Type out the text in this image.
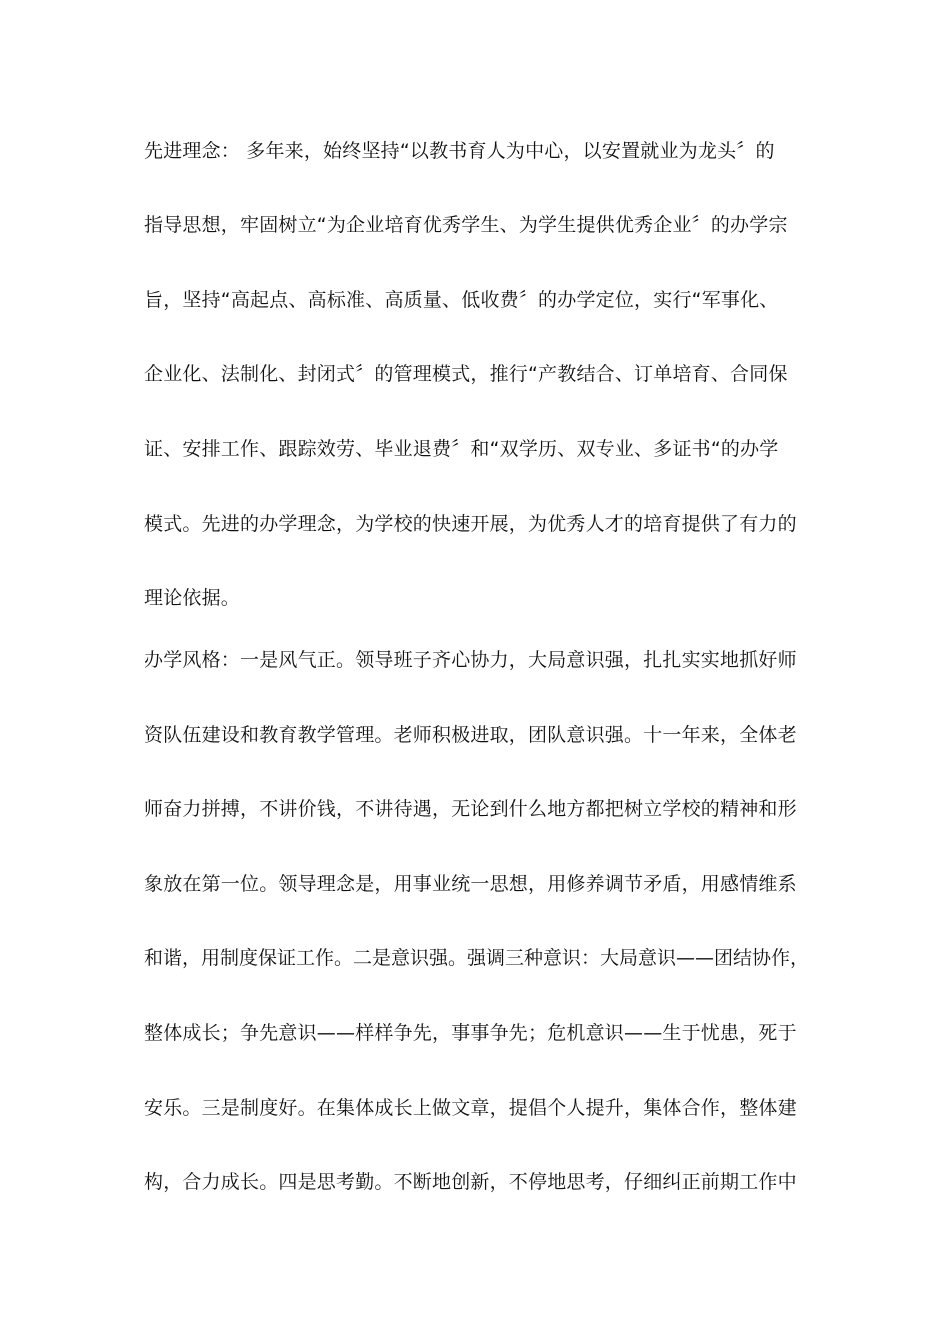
先进理念： 多年来，始终坚持“以教书育人为中心，以安置就业为龙头〞的
指导思想，牢固树立“为企业培育优秀学生、为学生提供优秀企业〞的办学宗
旨，坚持“高起点、高标准、高质量、低收费〞的办学定位，实行“军事化、
企业化、法制化、封闭式〞的管理模式，推行“产教结合、订单培育、合同保
证、安排工作、跟踪效劳、毕业退费〞和“双学历、双专业、多证书“的办学
模式。先进的办学理念，为学校的快速开展，为优秀人才的培育提供了有力的
理论依据。
办学风格：一是风气正。领导班子齐心协力，大局意识强，扎扎实实地抓好师
资队伍建设和教育教学管理。老师积极进取，团队意识强。十一年来，全体老
师奋力拼搏，不讲价钱，不讲待遇，无论到什么地方都把树立学校的精神和形
象放在第一位。领导理念是，用事业统一思想，用修养调节矛盾，用感情维系
和谐，用制度保证工作。二是意识强。强调三种意识：大局意识——团结协作，
整体成长；争先意识——样样争先，事事争先；危机意识——生于忧患，死于
安乐。三是制度好。在集体成长上做文章，提倡个人提升，集体合作，整体建
构，合力成长。四是思考勤。不断地创新，不停地思考，仔细纠正前期工作中
